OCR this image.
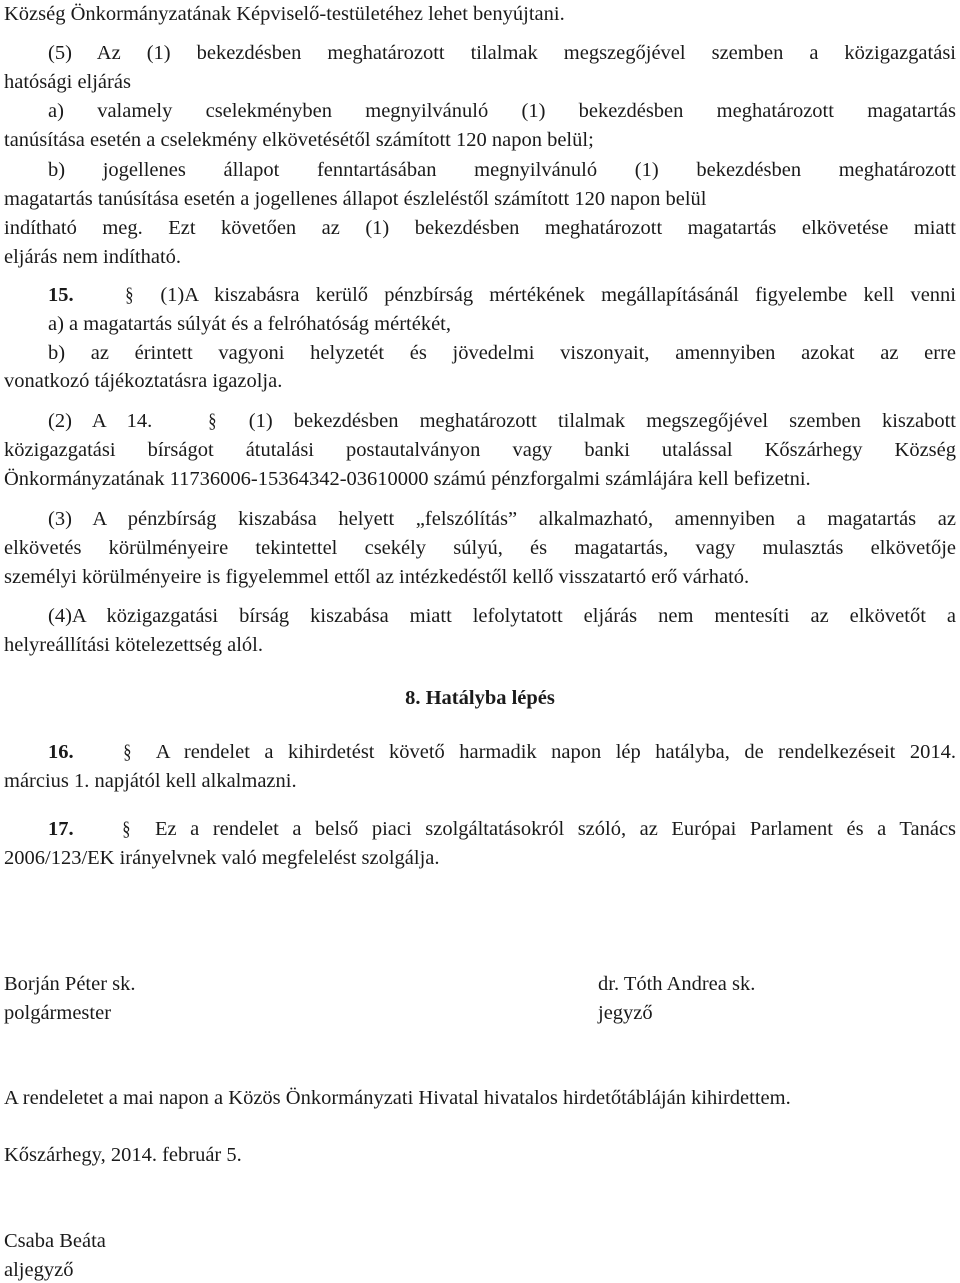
Község Önkormányzatának Képviselő-testületéhez lehet benyújtani.
(5) Az (1) bekezdésben meghatározott tilalmak megszegőjével szemben a közigazgatási
hatósági eljárás
a) valamely cselekményben megnyilvánuló (1) bekezdésben meghatározott magatartás
tanúsítása esetén a cselekmény elkövetésétől számított 120 napon belül;
b) jogellenes állapot fenntartásában megnyilvánuló (1) bekezdésben meghatározott
magatartás tanúsítása esetén a jogellenes állapot észleléstől számított 120 napon belül
indítható meg. Ezt követően az (1) bekezdésben meghatározott magatartás elkövetése miatt
eljárás nem indítható.
15.	§ (1)A kiszabásra kerülő pénzbírság mértékének megállapításánál figyelembe kell venni
a) a magatartás súlyát és a felróhatóság mértékét,
b) az érintett vagyoni helyzetét és jövedelmi viszonyait, amennyiben azokat az erre
vonatkozó tájékoztatásra igazolja.
(2) A 14.	§ (1) bekezdésben meghatározott tilalmak megszegőjével szemben kiszabott
közigazgatási bírságot átutalási postautalványon vagy banki utalással Kőszárhegy Község
Önkormányzatának 11736006-15364342-03610000 számú pénzforgalmi számlájára kell befizetni.
(3) A pénzbírság kiszabása helyett „felszólítás” alkalmazható, amennyiben a magatartás az
elkövetés körülményeire tekintettel csekély súlyú, és magatartás, vagy mulasztás elkövetője
személyi körülményeire is figyelemmel ettől az intézkedéstől kellő visszatartó erő várható.
(4)A közigazgatási bírság kiszabása miatt lefolytatott eljárás nem mentesíti az elkövetőt a
helyreállítási kötelezettség alól.
8. Hatályba lépés
16. § A rendelet a kihirdetést követő harmadik napon lép hatályba, de rendelkezéseit 2014.
március 1. napjától kell alkalmazni.
17. § Ez a rendelet a belső piaci szolgáltatásokról szóló, az Európai Parlament és a Tanács
2006/123/EK irányelvnek való megfelelést szolgálja.
Borján Péter sk.
polgármester
dr. Tóth Andrea sk.
jegyző
A rendeletet a mai napon a Közös Önkormányzati Hivatal hivatalos hirdetőtábláján kihirdettem.
Kőszárhegy, 2014. február 5.
Csaba Beáta
aljegyző
